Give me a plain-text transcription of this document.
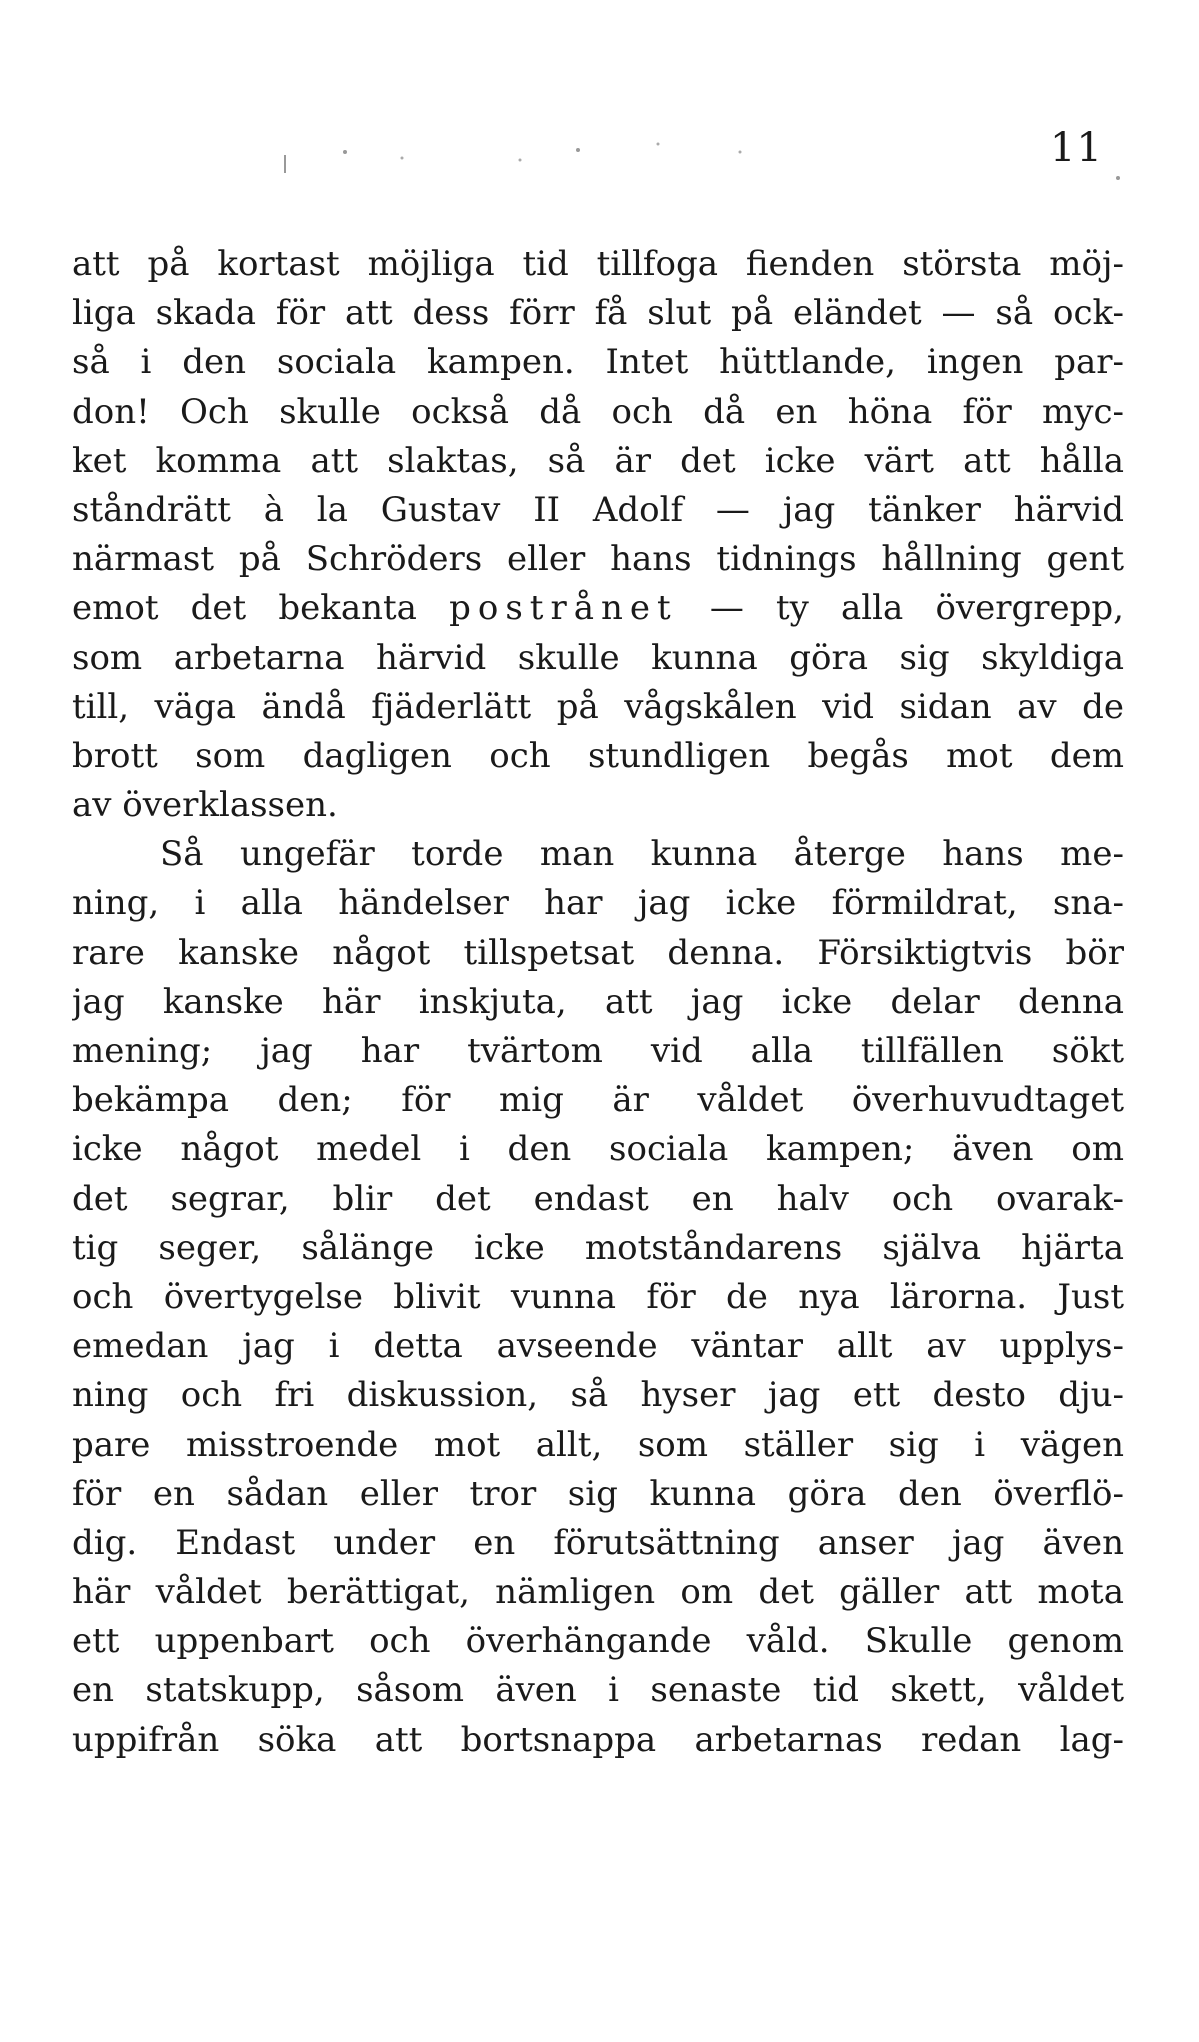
11
att på kortast möjliga tid tillfoga fienden största möj-
liga skada för att dess förr få slut på eländet — så ock-
så i den sociala kampen. Intet hüttlande, ingen par-
don! Och skulle också då och då en höna för myc-
ket komma att slaktas, så är det icke värt att hålla
ståndrätt à la Gustav II Adolf — jag tänker härvid
närmast på Schröders eller hans tidnings hållning gent
emot det bekanta postrånet — ty alla övergrepp,
som arbetarna härvid skulle kunna göra sig skyldiga
till, väga ändå fjäderlätt på vågskålen vid sidan av de
brott som dagligen och stundligen begås mot dem
av överklassen.
Så ungefär torde man kunna återge hans me-
ning, i alla händelser har jag icke förmildrat, sna-
rare kanske något tillspetsat denna. Försiktigtvis bör
jag kanske här inskjuta, att jag icke delar denna
mening; jag har tvärtom vid alla tillfällen sökt
bekämpa den; för mig är våldet överhuvudtaget
icke något medel i den sociala kampen; även om
det segrar, blir det endast en halv och ovarak-
tig seger, sålänge icke motståndarens själva hjärta
och övertygelse blivit vunna för de nya lärorna. Just
emedan jag i detta avseende väntar allt av upplys-
ning och fri diskussion, så hyser jag ett desto dju-
pare misstroende mot allt, som ställer sig i vägen
för en sådan eller tror sig kunna göra den överflö-
dig. Endast under en förutsättning anser jag även
här våldet berättigat, nämligen om det gäller att mota
ett uppenbart och överhängande våld. Skulle genom
en statskupp, såsom även i senaste tid skett, våldet
uppifrån söka att bortsnappa arbetarnas redan lag-
